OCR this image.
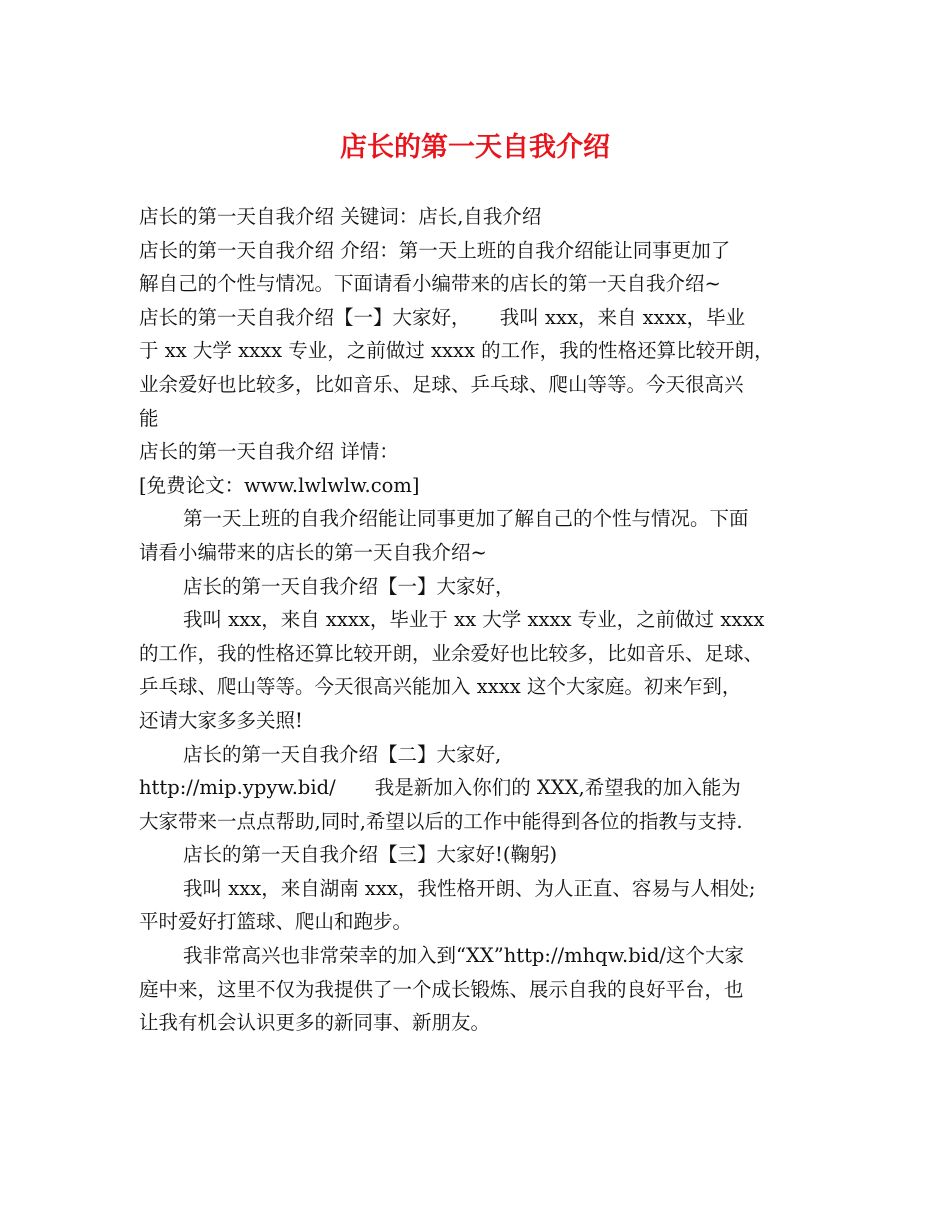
店长的第一天自我介绍
店长的第一天自我介绍 关键词：店长,自我介绍
店长的第一天自我介绍 介绍：第一天上班的自我介绍能让同事更加了
解自己的个性与情况。下面请看小编带来的店长的第一天自我介绍~
店长的第一天自我介绍【一】大家好，　　我叫 xxx，来自 xxxx，毕业
于 xx 大学 xxxx 专业，之前做过 xxxx 的工作，我的性格还算比较开朗，
业余爱好也比较多，比如音乐、足球、乒乓球、爬山等等。今天很高兴
能
店长的第一天自我介绍 详情：
[免费论文：www.lwlwlw.com]
第一天上班的自我介绍能让同事更加了解自己的个性与情况。下面
请看小编带来的店长的第一天自我介绍~
店长的第一天自我介绍【一】大家好，
我叫 xxx，来自 xxxx，毕业于 xx 大学 xxxx 专业，之前做过 xxxx
的工作，我的性格还算比较开朗，业余爱好也比较多，比如音乐、足球、
乒乓球、爬山等等。今天很高兴能加入 xxxx 这个大家庭。初来乍到，
还请大家多多关照!
店长的第一天自我介绍【二】大家好,
http://mip.ypyw.bid/　　我是新加入你们的 XXX,希望我的加入能为
大家带来一点点帮助,同时,希望以后的工作中能得到各位的指教与支持.
店长的第一天自我介绍【三】大家好!(鞠躬)
我叫 xxx，来自湖南 xxx，我性格开朗、为人正直、容易与人相处;
平时爱好打篮球、爬山和跑步。
我非常高兴也非常荣幸的加入到“XX”http://mhqw.bid/这个大家
庭中来，这里不仅为我提供了一个成长锻炼、展示自我的良好平台，也
让我有机会认识更多的新同事、新朋友。
